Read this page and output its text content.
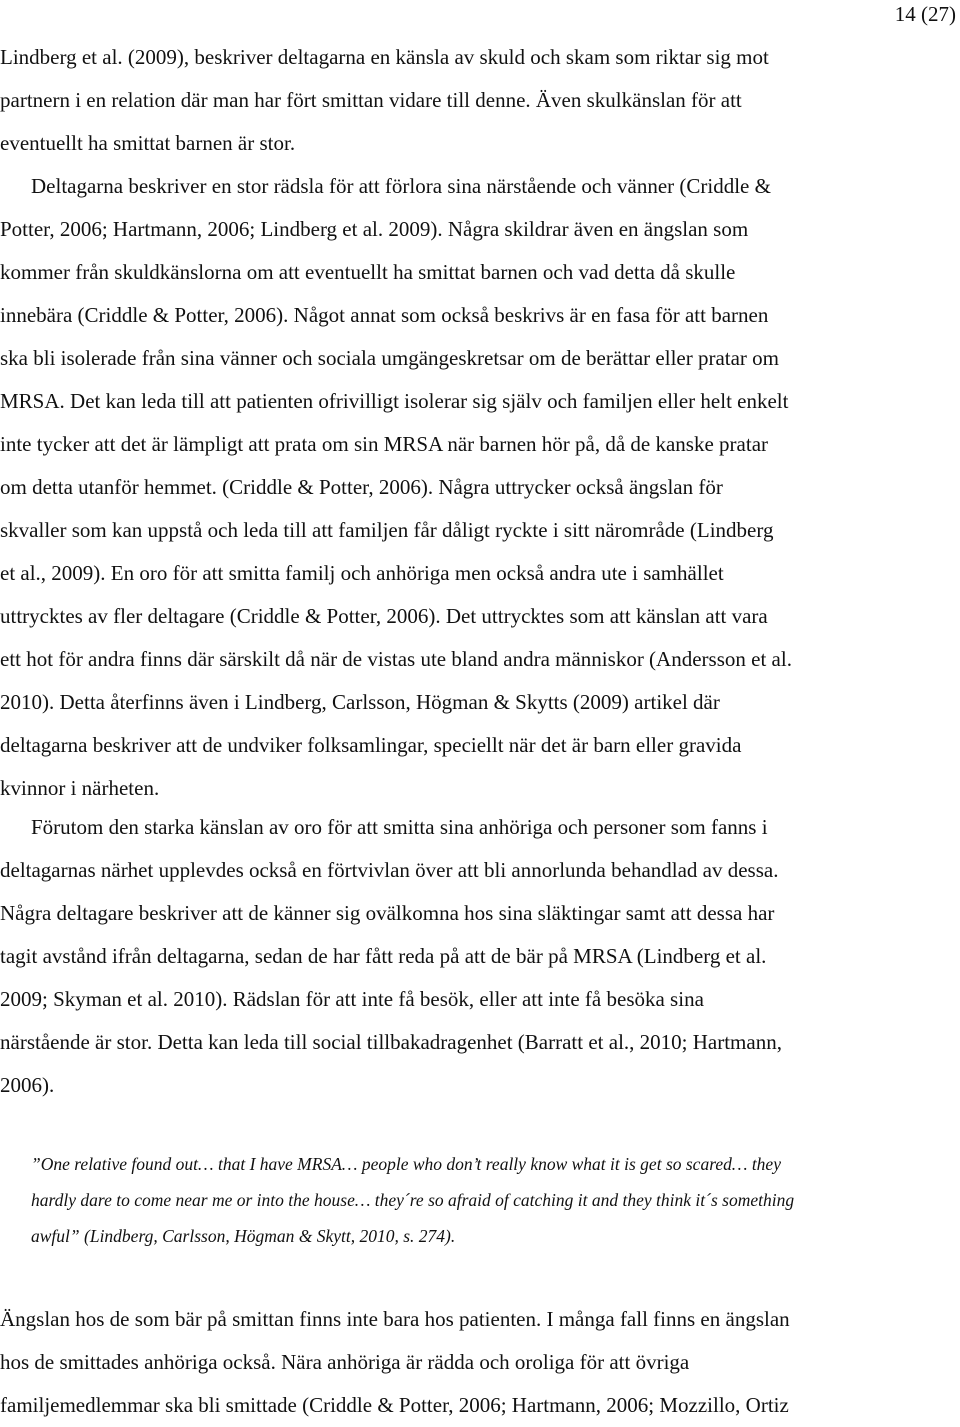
14 (27)

Lindberg et al. (2009), beskriver deltagarna en känsla av skuld och skam som riktar sig mot
partnern i en relation där man har fört smittan vidare till denne. Även skulkänslan för att
eventuellt ha smittat barnen är stor.

Deltagarna beskriver en stor rädsla för att förlora sina närstående och vänner (Criddle &
Potter, 2006; Hartmann, 2006; Lindberg et al. 2009). Några skildrar även en ängslan som
kommer från skuldkänslorna om att eventuellt ha smittat barnen och vad detta då skulle
innebära (Criddle & Potter, 2006). Något annat som också beskrivs är en fasa för att barnen
ska bli isolerade från sina vänner och sociala umgängeskretsar om de berättar eller pratar om
MRSA. Det kan leda till att patienten ofrivilligt isolerar sig själv och familjen eller helt enkelt
inte tycker att det är lämpligt att prata om sin MRSA när barnen hör på, då de kanske pratar
om detta utanför hemmet. (Criddle & Potter, 2006). Några uttrycker också ängslan för
skvaller som kan uppstå och leda till att familjen får dåligt ryckte i sitt närområde (Lindberg
et al., 2009). En oro för att smitta familj och anhöriga men också andra ute i samhället
uttrycktes av fler deltagare (Criddle & Potter, 2006). Det uttrycktes som att känslan att vara
ett hot för andra finns där särskilt då när de vistas ute bland andra människor (Andersson et al.
2010). Detta återfinns även i Lindberg, Carlsson, Högman & Skytts (2009) artikel där
deltagarna beskriver att de undviker folksamlingar, speciellt när det är barn eller gravida
kvinnor i närheten.

Förutom den starka känslan av oro för att smitta sina anhöriga och personer som fanns i
deltagarnas närhet upplevdes också en förtvivlan över att bli annorlunda behandlad av dessa.
Några deltagare beskriver att de känner sig ovälkomna hos sina släktingar samt att dessa har
tagit avstånd ifrån deltagarna, sedan de har fått reda på att de bär på MRSA (Lindberg et al.
2009; Skyman et al. 2010). Rädslan för att inte få besök, eller att inte få besöka sina
närstående är stor. Detta kan leda till social tillbakadragenhet (Barratt et al., 2010; Hartmann,
2006).

”One relative found out… that I have MRSA… people who don’t really know what it is get so scared… they
hardly dare to come near me or into the house… they´re so afraid of catching it and they think it´s something
awful” (Lindberg, Carlsson, Högman & Skytt, 2010, s. 274).

Ängslan hos de som bär på smittan finns inte bara hos patienten. I många fall finns en ängslan
hos de smittades anhöriga också. Nära anhöriga är rädda och oroliga för att övriga
familjemedlemmar ska bli smittade (Criddle & Potter, 2006; Hartmann, 2006; Mozzillo, Ortiz
